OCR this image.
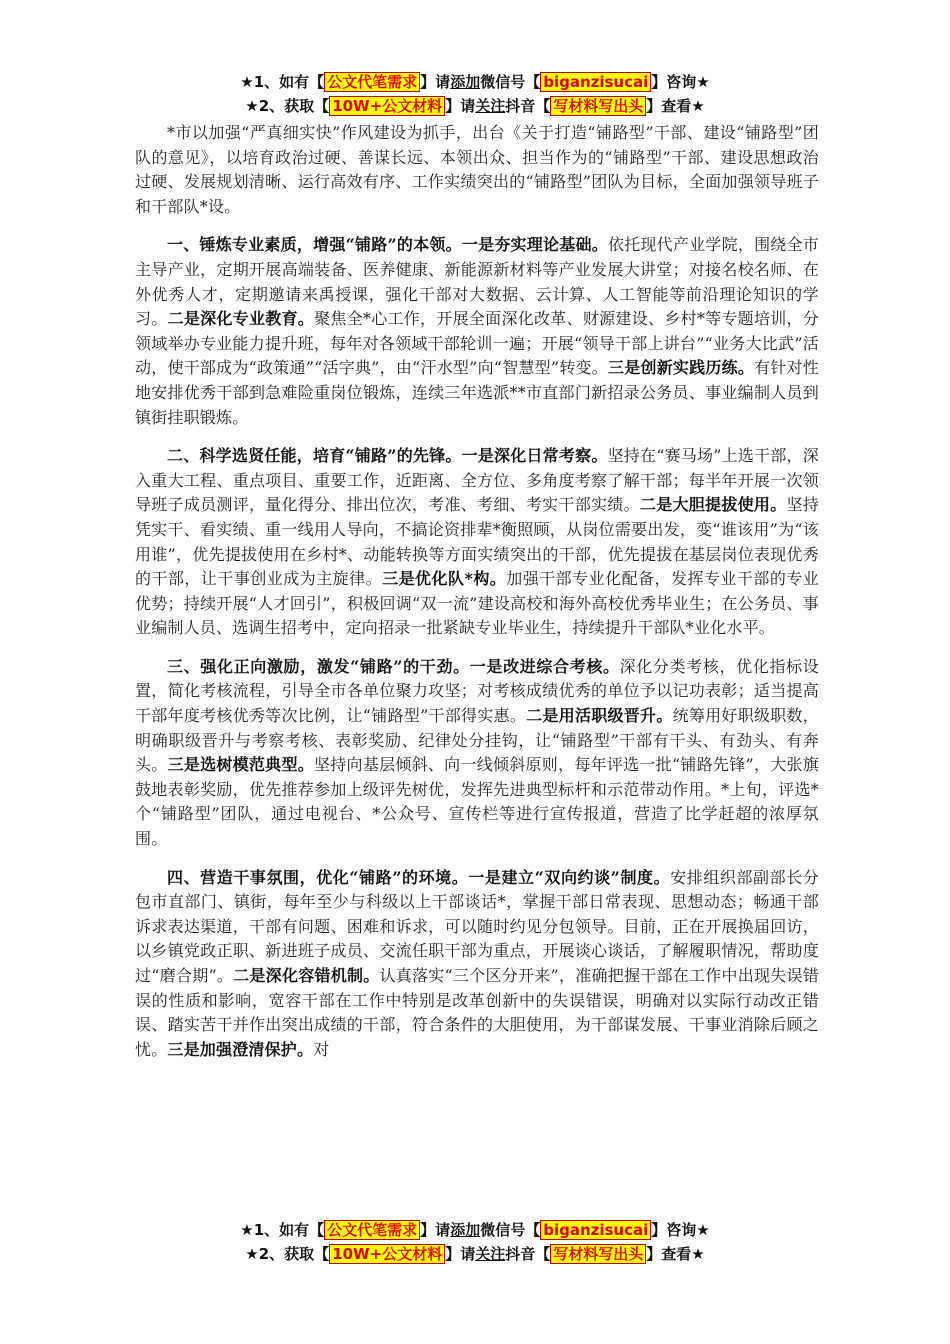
★1、如有【 公文代笔需求 】请添加微信号【 biganzisucai 】咨询★
★2、获取【 10W+公文材料 】请关注抖音【 写材料写出头 】查看★

*市以加强“严真细实快”作风建设为抓手，出台《关于打造“铺路型”干部、建设“铺路型”团队的意见》，以培育政治过硬、善谋长远、本领出众、担当作为的“铺路型”干部、建设思想政治过硬、发展规划清晰、运行高效有序、工作实绩突出的“铺路型”团队为目标，全面加强领导班子和干部队*设。

一、锤炼专业素质，增强“铺路”的本领。一是夯实理论基础。依托现代产业学院，围绕全市主导产业，定期开展高端装备、医养健康、新能源新材料等产业发展大讲堂；对接名校名师、在外优秀人才，定期邀请来禹授课，强化干部对大数据、云计算、人工智能等前沿理论知识的学习。二是深化专业教育。聚焦全*心工作，开展全面深化改革、财源建设、乡村*等专题培训，分领域举办专业能力提升班，每年对各领域干部轮训一遍；开展“领导干部上讲台”“业务大比武”活动，使干部成为“政策通”“活字典”，由“汗水型”向“智慧型”转变。三是创新实践历练。有针对性地安排优秀干部到急难险重岗位锻炼，连续三年选派**市直部门新招录公务员、事业编制人员到镇街挂职锻炼。

二、科学选贤任能，培育“铺路”的先锋。一是深化日常考察。坚持在“赛马场”上选干部，深入重大工程、重点项目、重要工作，近距离、全方位、多角度考察了解干部；每半年开展一次领导班子成员测评，量化得分、排出位次，考准、考细、考实干部实绩。二是大胆提拔使用。坚持凭实干、看实绩、重一线用人导向，不搞论资排辈*衡照顾，从岗位需要出发，变“谁该用”为“该用谁”，优先提拔使用在乡村*、动能转换等方面实绩突出的干部，优先提拔在基层岗位表现优秀的干部，让干事创业成为主旋律。三是优化队*构。加强干部专业化配备，发挥专业干部的专业优势；持续开展“人才回引”，积极回调“双一流”建设高校和海外高校优秀毕业生；在公务员、事业编制人员、选调生招考中，定向招录一批紧缺专业毕业生，持续提升干部队*业化水平。

三、强化正向激励，激发“铺路”的干劲。一是改进综合考核。深化分类考核，优化指标设置，简化考核流程，引导全市各单位聚力攻坚；对考核成绩优秀的单位予以记功表彰；适当提高干部年度考核优秀等次比例，让“铺路型”干部得实惠。二是用活职级晋升。统筹用好职级职数，明确职级晋升与考察考核、表彰奖励、纪律处分挂钩，让“铺路型”干部有干头、有劲头、有奔头。三是选树模范典型。坚持向基层倾斜、向一线倾斜原则，每年评选一批“铺路先锋”，大张旗鼓地表彰奖励，优先推荐参加上级评先树优，发挥先进典型标杆和示范带动作用。*上旬，评选*个“铺路型”团队，通过电视台、*公众号、宣传栏等进行宣传报道，营造了比学赶超的浓厚氛围。

四、营造干事氛围，优化“铺路”的环境。一是建立“双向约谈”制度。安排组织部副部长分包市直部门、镇街，每年至少与科级以上干部谈话*，掌握干部日常表现、思想动态；畅通干部诉求表达渠道，干部有问题、困难和诉求，可以随时约见分包领导。目前，正在开展换届回访，以乡镇党政正职、新进班子成员、交流任职干部为重点，开展谈心谈话，了解履职情况，帮助度过“磨合期”。二是深化容错机制。认真落实“三个区分开来”，准确把握干部在工作中出现失误错误的性质和影响，宽容干部在工作中特别是改革创新中的失误错误，明确对以实际行动改正错误、踏实苦干并作出突出成绩的干部，符合条件的大胆使用，为干部谋发展、干事业消除后顾之忧。三是加强澄清保护。对

★1、如有【 公文代笔需求 】请添加微信号【 biganzisucai 】咨询★
★2、获取【 10W+公文材料 】请关注抖音【 写材料写出头 】查看★
